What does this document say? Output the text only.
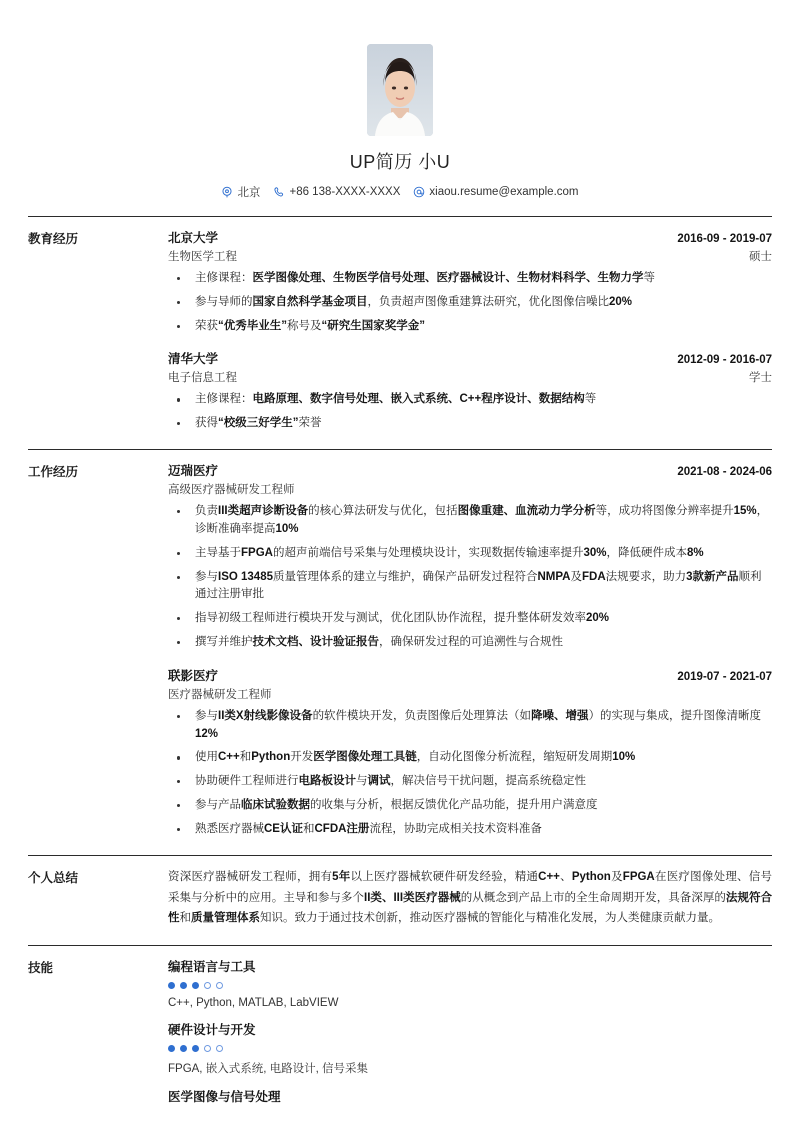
UP简历 小U
北京	+86 138-XXXX-XXXX	xiaou.resume@example.com
教育经历	北京大学	2016-09 - 2019-07
生物医学工程	硕士
主修课程：医学图像处理、生物医学信号处理、医疗器械设计、生物材料科学、生物力学等
参与导师的国家自然科学基金项目，负责超声图像重建算法研究，优化图像信噪比20%
荣获“优秀毕业生”称号及“研究生国家奖学金”
清华大学	2012-09 - 2016-07
电子信息工程	学士
主修课程：电路原理、数字信号处理、嵌入式系统、C++程序设计、数据结构等
获得“校级三好学生”荣誉
工作经历	迈瑞医疗	2021-08 - 2024-06
高级医疗器械研发工程师
负责III类超声诊断设备的核心算法研发与优化，包括图像重建、血流动力学分析等，成功将图像分辨率提升15%，诊断准确率提高10%
主导基于FPGA的超声前端信号采集与处理模块设计，实现数据传输速率提升30%，降低硬件成本8%
参与ISO 13485质量管理体系的建立与维护，确保产品研发过程符合NMPA及FDA法规要求，助力3款新产品顺利通过注册审批
指导初级工程师进行模块开发与测试，优化团队协作流程，提升整体研发效率20%
撰写并维护技术文档、设计验证报告，确保研发过程的可追溯性与合规性
联影医疗	2019-07 - 2021-07
医疗器械研发工程师
参与II类X射线影像设备的软件模块开发，负责图像后处理算法（如降噪、增强）的实现与集成，提升图像清晰度12%
使用C++和Python开发医学图像处理工具链，自动化图像分析流程，缩短研发周期10%
协助硬件工程师进行电路板设计与调试，解决信号干扰问题，提高系统稳定性
参与产品临床试验数据的收集与分析，根据反馈优化产品功能，提升用户满意度
熟悉医疗器械CE认证和CFDA注册流程，协助完成相关技术资料准备
个人总结	资深医疗器械研发工程师，拥有5年以上医疗器械软硬件研发经验，精通C++、Python及FPGA在医疗图像处理、信号采集与分析中的应用。主导和参与多个II类、III类医疗器械的从概念到产品上市的全生命周期开发，具备深厚的法规符合性和质量管理体系知识。致力于通过技术创新，推动医疗器械的智能化与精准化发展，为人类健康贡献力量。
技能	编程语言与工具
C++, Python, MATLAB, LabVIEW
硬件设计与开发
FPGA, 嵌入式系统, 电路设计, 信号采集
医学图像与信号处理
